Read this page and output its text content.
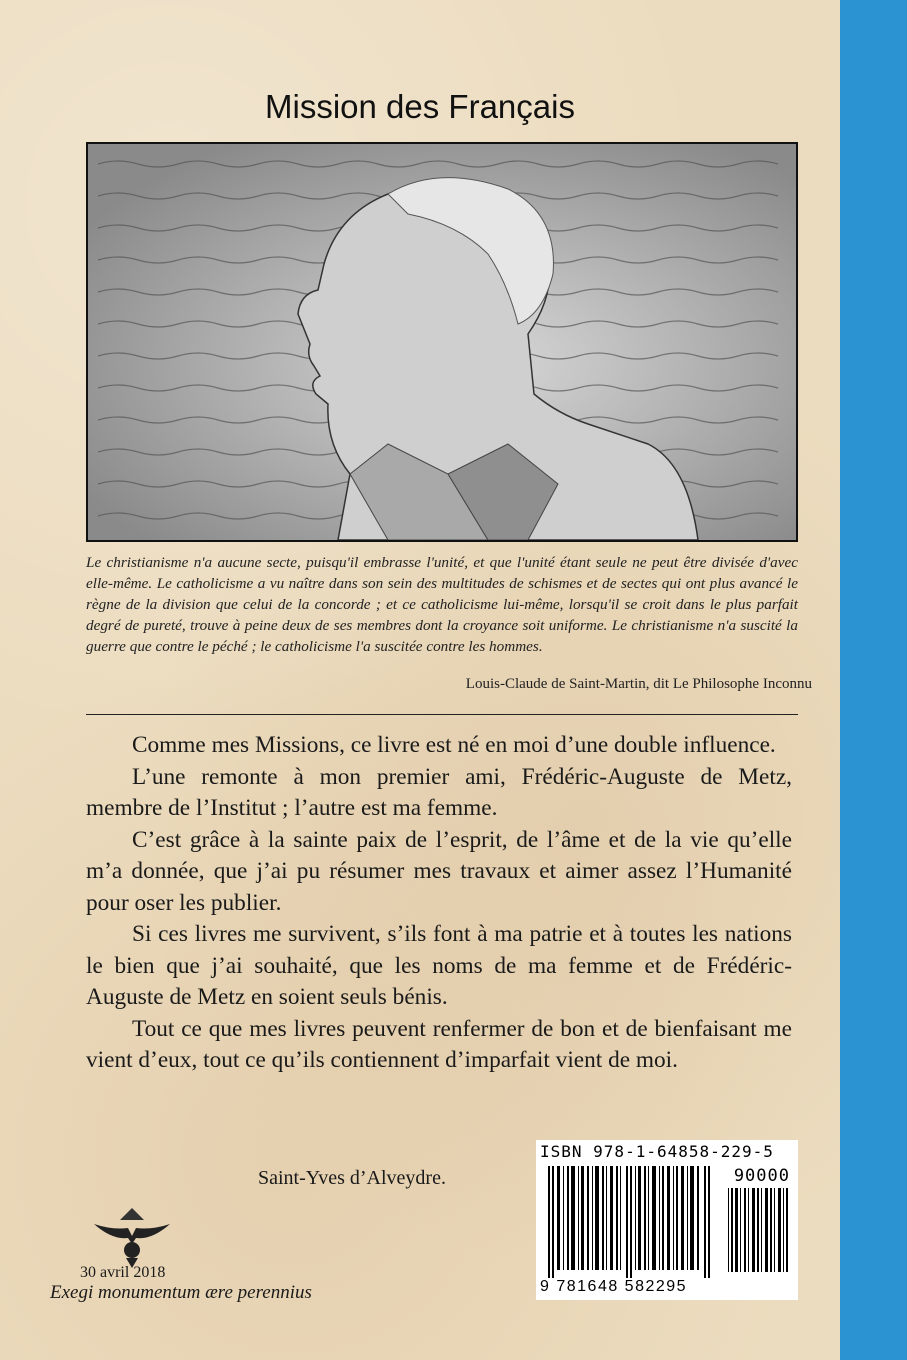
Mission des Français

Le christianisme n'a aucune secte, puisqu'il embrasse l'unité, et que l'unité étant seule ne peut être divisée d'avec elle-même. Le catholicisme a vu naître dans son sein des multitudes de schismes et de sectes qui ont plus avancé le règne de la division que celui de la concorde ; et ce catholicisme lui-même, lorsqu'il se croit dans le plus parfait degré de pureté, trouve à peine deux de ses membres dont la croyance soit uniforme. Le christianisme n'a suscité la guerre que contre le péché ; le catholicisme l'a suscitée contre les hommes.

Louis-Claude de Saint-Martin, dit Le Philosophe Inconnu

Comme mes Missions, ce livre est né en moi d’une double influence.

L’une remonte à mon premier ami, Frédéric-Auguste de Metz, membre de l’Institut ; l’autre est ma femme.

C’est grâce à la sainte paix de l’esprit, de l’âme et de la vie qu’elle m’a donnée, que j’ai pu résumer mes travaux et aimer assez l’Humanité pour oser les publier.

Si ces livres me survivent, s’ils font à ma patrie et à toutes les nations le bien que j’ai souhaité, que les noms de ma femme et de Frédéric-Auguste de Metz en soient seuls bénis.

Tout ce que mes livres peuvent renfermer de bon et de bienfaisant me vient d’eux, tout ce qu’ils contiennent d’imparfait vient de moi.

Saint-Yves d’Alveydre.
30 avril 2018
Exegi monumentum ære perennius
ISBN 978-1-64858-229-5
90000
9 781648 582295
